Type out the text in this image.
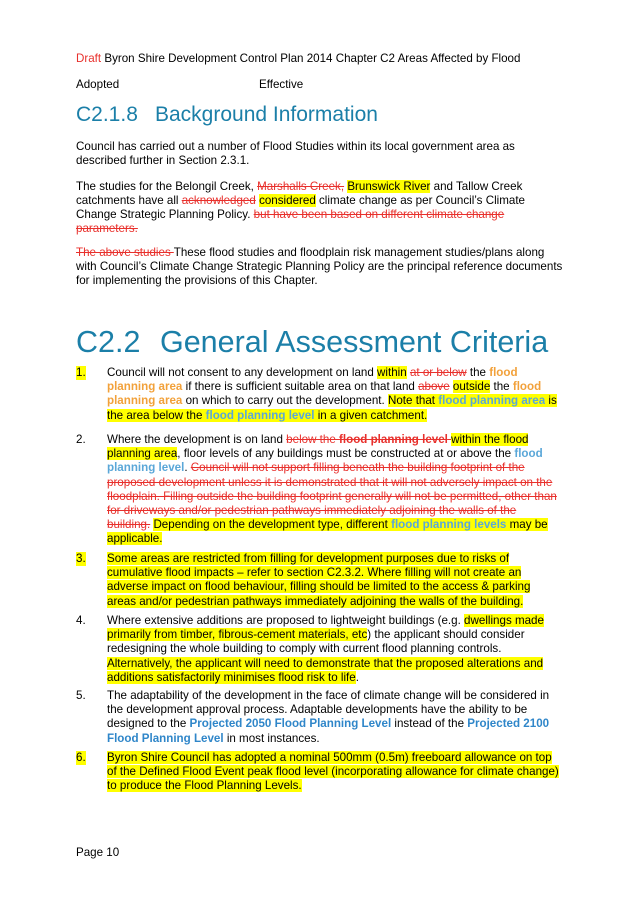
Draft Byron Shire Development Control Plan 2014 Chapter C2 Areas Affected by Flood
Adopted	Effective
C2.1.8 Background Information
Council has carried out a number of Flood Studies within its local government area as described further in Section 2.3.1.
The studies for the Belongil Creek, Marshalls Creek, Brunswick River and Tallow Creek catchments have all acknowledged considered climate change as per Council’s Climate Change Strategic Planning Policy. but have been based on different climate change parameters.
The above studies These flood studies and floodplain risk management studies/plans along with Council’s Climate Change Strategic Planning Policy are the principal reference documents for implementing the provisions of this Chapter.
C2.2 General Assessment Criteria
1. Council will not consent to any development on land within at or below the flood planning area if there is sufficient suitable area on that land above outside the flood planning area on which to carry out the development. Note that flood planning area is the area below the flood planning level in a given catchment.
2. Where the development is on land below the flood planning level within the flood planning area, floor levels of any buildings must be constructed at or above the flood planning level. Council will not support filling beneath the building footprint of the proposed development unless it is demonstrated that it will not adversely impact on the floodplain. Filling outside the building footprint generally will not be permitted, other than for driveways and/or pedestrian pathways immediately adjoining the walls of the building. Depending on the development type, different flood planning levels may be applicable.
3. Some areas are restricted from filling for development purposes due to risks of cumulative flood impacts – refer to section C2.3.2. Where filling will not create an adverse impact on flood behaviour, filling should be limited to the access & parking areas and/or pedestrian pathways immediately adjoining the walls of the building.
4. Where extensive additions are proposed to lightweight buildings (e.g. dwellings made primarily from timber, fibrous-cement materials, etc) the applicant should consider redesigning the whole building to comply with current flood planning controls. Alternatively, the applicant will need to demonstrate that the proposed alterations and additions satisfactorily minimises flood risk to life.
5. The adaptability of the development in the face of climate change will be considered in the development approval process. Adaptable developments have the ability to be designed to the Projected 2050 Flood Planning Level instead of the Projected 2100 Flood Planning Level in most instances.
6. Byron Shire Council has adopted a nominal 500mm (0.5m) freeboard allowance on top of the Defined Flood Event peak flood level (incorporating allowance for climate change) to produce the Flood Planning Levels.
Page 10
